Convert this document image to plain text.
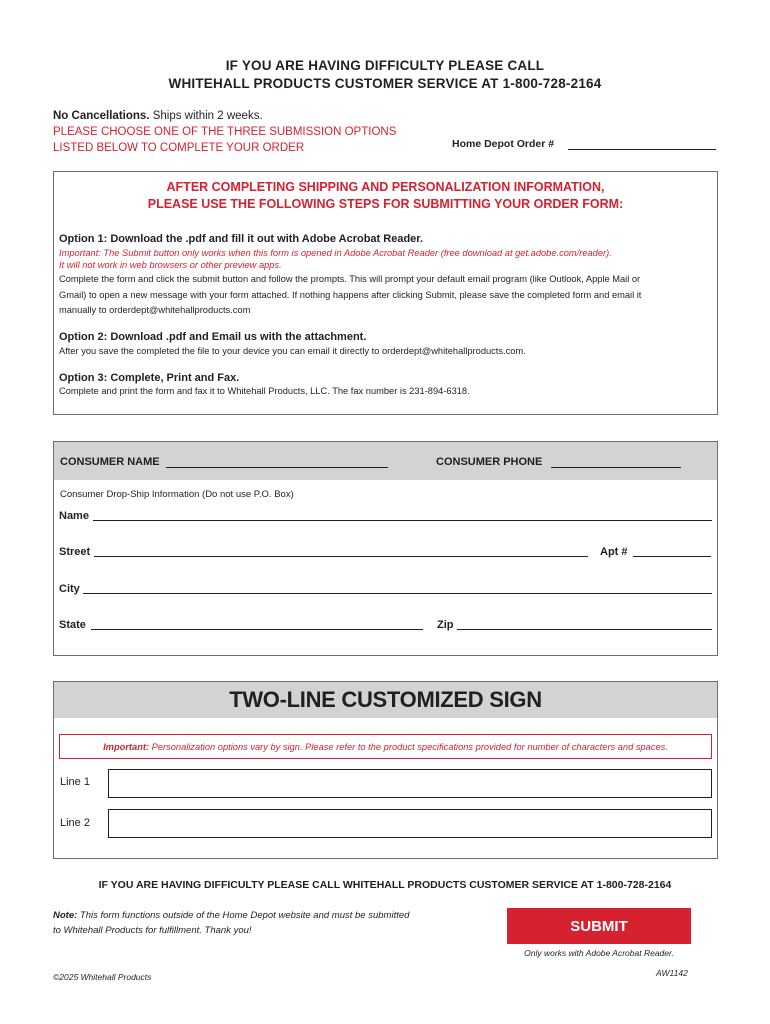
IF YOU ARE HAVING DIFFICULTY PLEASE CALL
WHITEHALL PRODUCTS CUSTOMER SERVICE AT 1-800-728-2164
No Cancellations. Ships within 2 weeks.
PLEASE CHOOSE ONE OF THE THREE SUBMISSION OPTIONS
LISTED BELOW TO COMPLETE YOUR ORDER	Home Depot Order #
AFTER COMPLETING SHIPPING AND PERSONALIZATION INFORMATION,
PLEASE USE THE FOLLOWING STEPS FOR SUBMITTING YOUR ORDER FORM:
Option 1: Download the .pdf and fill it out with Adobe Acrobat Reader.
Important: The Submit button only works when this form is opened in Adobe Acrobat Reader (free download at get.adobe.com/reader).
It will not work in web browsers or other preview apps.
Complete the form and click the submit button and follow the prompts. This will prompt your default email program (like Outlook, Apple Mail or
Gmail) to open a new message with your form attached. If nothing happens after clicking Submit, please save the completed form and email it
manually to orderdept@whitehallproducts.com
Option 2: Download .pdf and Email us with the attachment.
After you save the completed the file to your device you can email it directly to orderdept@whitehallproducts.com.
Option 3: Complete, Print and Fax.
Complete and print the form and fax it to Whitehall Products, LLC. The fax number is 231-894-6318.
CONSUMER NAME	CONSUMER PHONE
Consumer Drop-Ship Information (Do not use P.O. Box)
Name
Street	Apt #
City
State	Zip
TWO-LINE CUSTOMIZED SIGN
Important: Personalization options vary by sign. Please refer to the product specifications provided for number of characters and spaces.
Line 1
Line 2
IF YOU ARE HAVING DIFFICULTY PLEASE CALL WHITEHALL PRODUCTS CUSTOMER SERVICE AT 1-800-728-2164
Note: This form functions outside of the Home Depot website and must be submitted
to Whitehall Products for fulfillment. Thank you!	SUBMIT
Only works with Adobe Acrobat Reader.
©2025 Whitehall Products	AW1142
